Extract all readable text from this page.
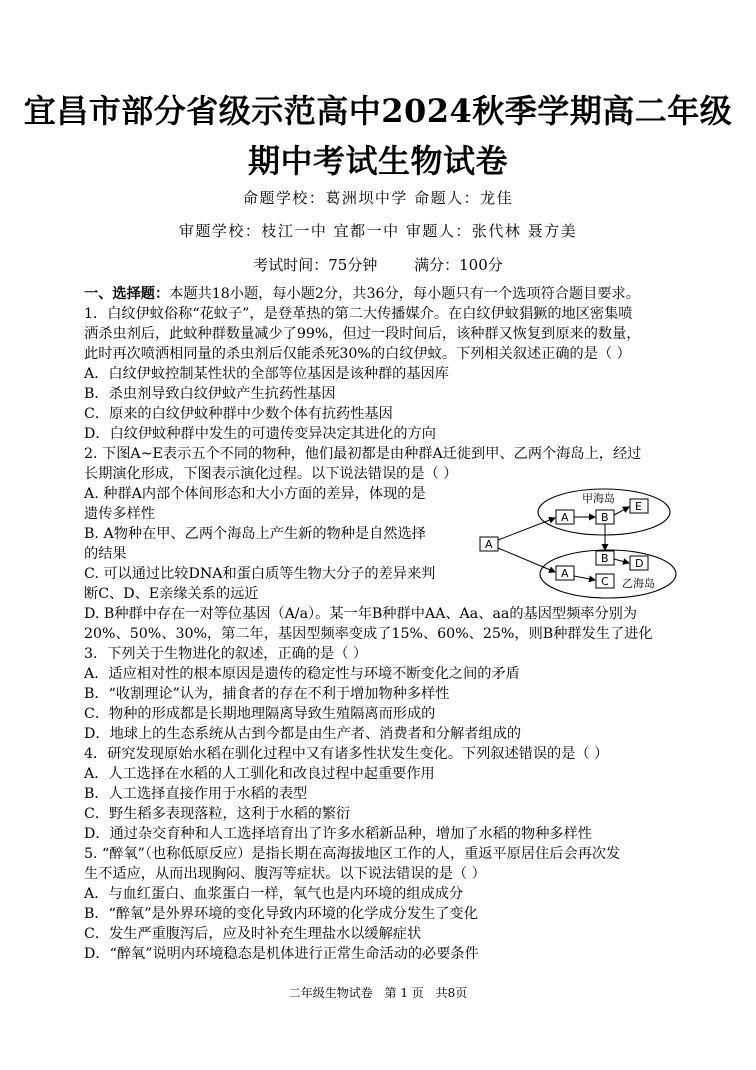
宜昌市部分省级示范高中2024秋季学期高二年级
期中考试生物试卷
命题学校：葛洲坝中学 命题人：龙佳
审题学校：枝江一中 宜都一中 审题人：张代林 聂方美
考试时间：75分钟 满分：100分
一、选择题：本题共18小题，每小题2分，共36分，每小题只有一个选项符合题目要求。
1．白纹伊蚊俗称“花蚊子”，是登革热的第二大传播媒介。在白纹伊蚊猖獗的地区密集喷
洒杀虫剂后，此蚊种群数量减少了99%，但过一段时间后，该种群又恢复到原来的数量，
此时再次喷洒相同量的杀虫剂后仅能杀死30%的白纹伊蚊。下列相关叙述正确的是（ ）
A．白纹伊蚊控制某性状的全部等位基因是该种群的基因库
B．杀虫剂导致白纹伊蚊产生抗药性基因
C．原来的白纹伊蚊种群中少数个体有抗药性基因
D．白纹伊蚊种群中发生的可遗传变异决定其进化的方向
2. 下图A~E表示五个不同的物种，他们最初都是由种群A迁徙到甲、乙两个海岛上，经过
长期演化形成，下图表示演化过程。以下说法错误的是（ ）
A. 种群A内部个体间形态和大小方面的差异，体现的是
遗传多样性
B. A物种在甲、乙两个海岛上产生新的物种是自然选择
的结果
C. 可以通过比较DNA和蛋白质等生物大分子的差异来判
断C、D、E亲缘关系的远近
D. B种群中存在一对等位基因（A/a）。某一年B种群中AA、Aa、aa的基因型频率分别为
20%、50%、30%，第二年，基因型频率变成了15%、60%、25%，则B种群发生了进化
3．下列关于生物进化的叙述，正确的是（ ）
A．适应相对性的根本原因是遗传的稳定性与环境不断变化之间的矛盾
B．“收割理论”认为，捕食者的存在不利于增加物种多样性
C．物种的形成都是长期地理隔离导致生殖隔离而形成的
D．地球上的生态系统从古到今都是由生产者、消费者和分解者组成的
4．研究发现原始水稻在驯化过程中又有诸多性状发生变化。下列叙述错误的是（ ）
A．人工选择在水稻的人工驯化和改良过程中起重要作用
B．人工选择直接作用于水稻的表型
C．野生稻多表现落粒，这利于水稻的繁衍
D．通过杂交育种和人工选择培育出了许多水稻新品种，增加了水稻的物种多样性
5. “醉氧”（也称低原反应）是指长期在高海拔地区工作的人，重返平原居住后会再次发
生不适应，从而出现胸闷、腹泻等症状。以下说法错误的是（ ）
A．与血红蛋白、血浆蛋白一样，氧气也是内环境的组成成分
B．“醉氧”是外界环境的变化导致内环境的化学成分发生了变化
C．发生严重腹泻后，应及时补充生理盐水以缓解症状
D．“醉氧”说明内环境稳态是机体进行正常生命活动的必要条件
甲海岛
乙海岛
A
A	B
E
B D
A
C
二年级生物试卷 第 1 页 共8页
